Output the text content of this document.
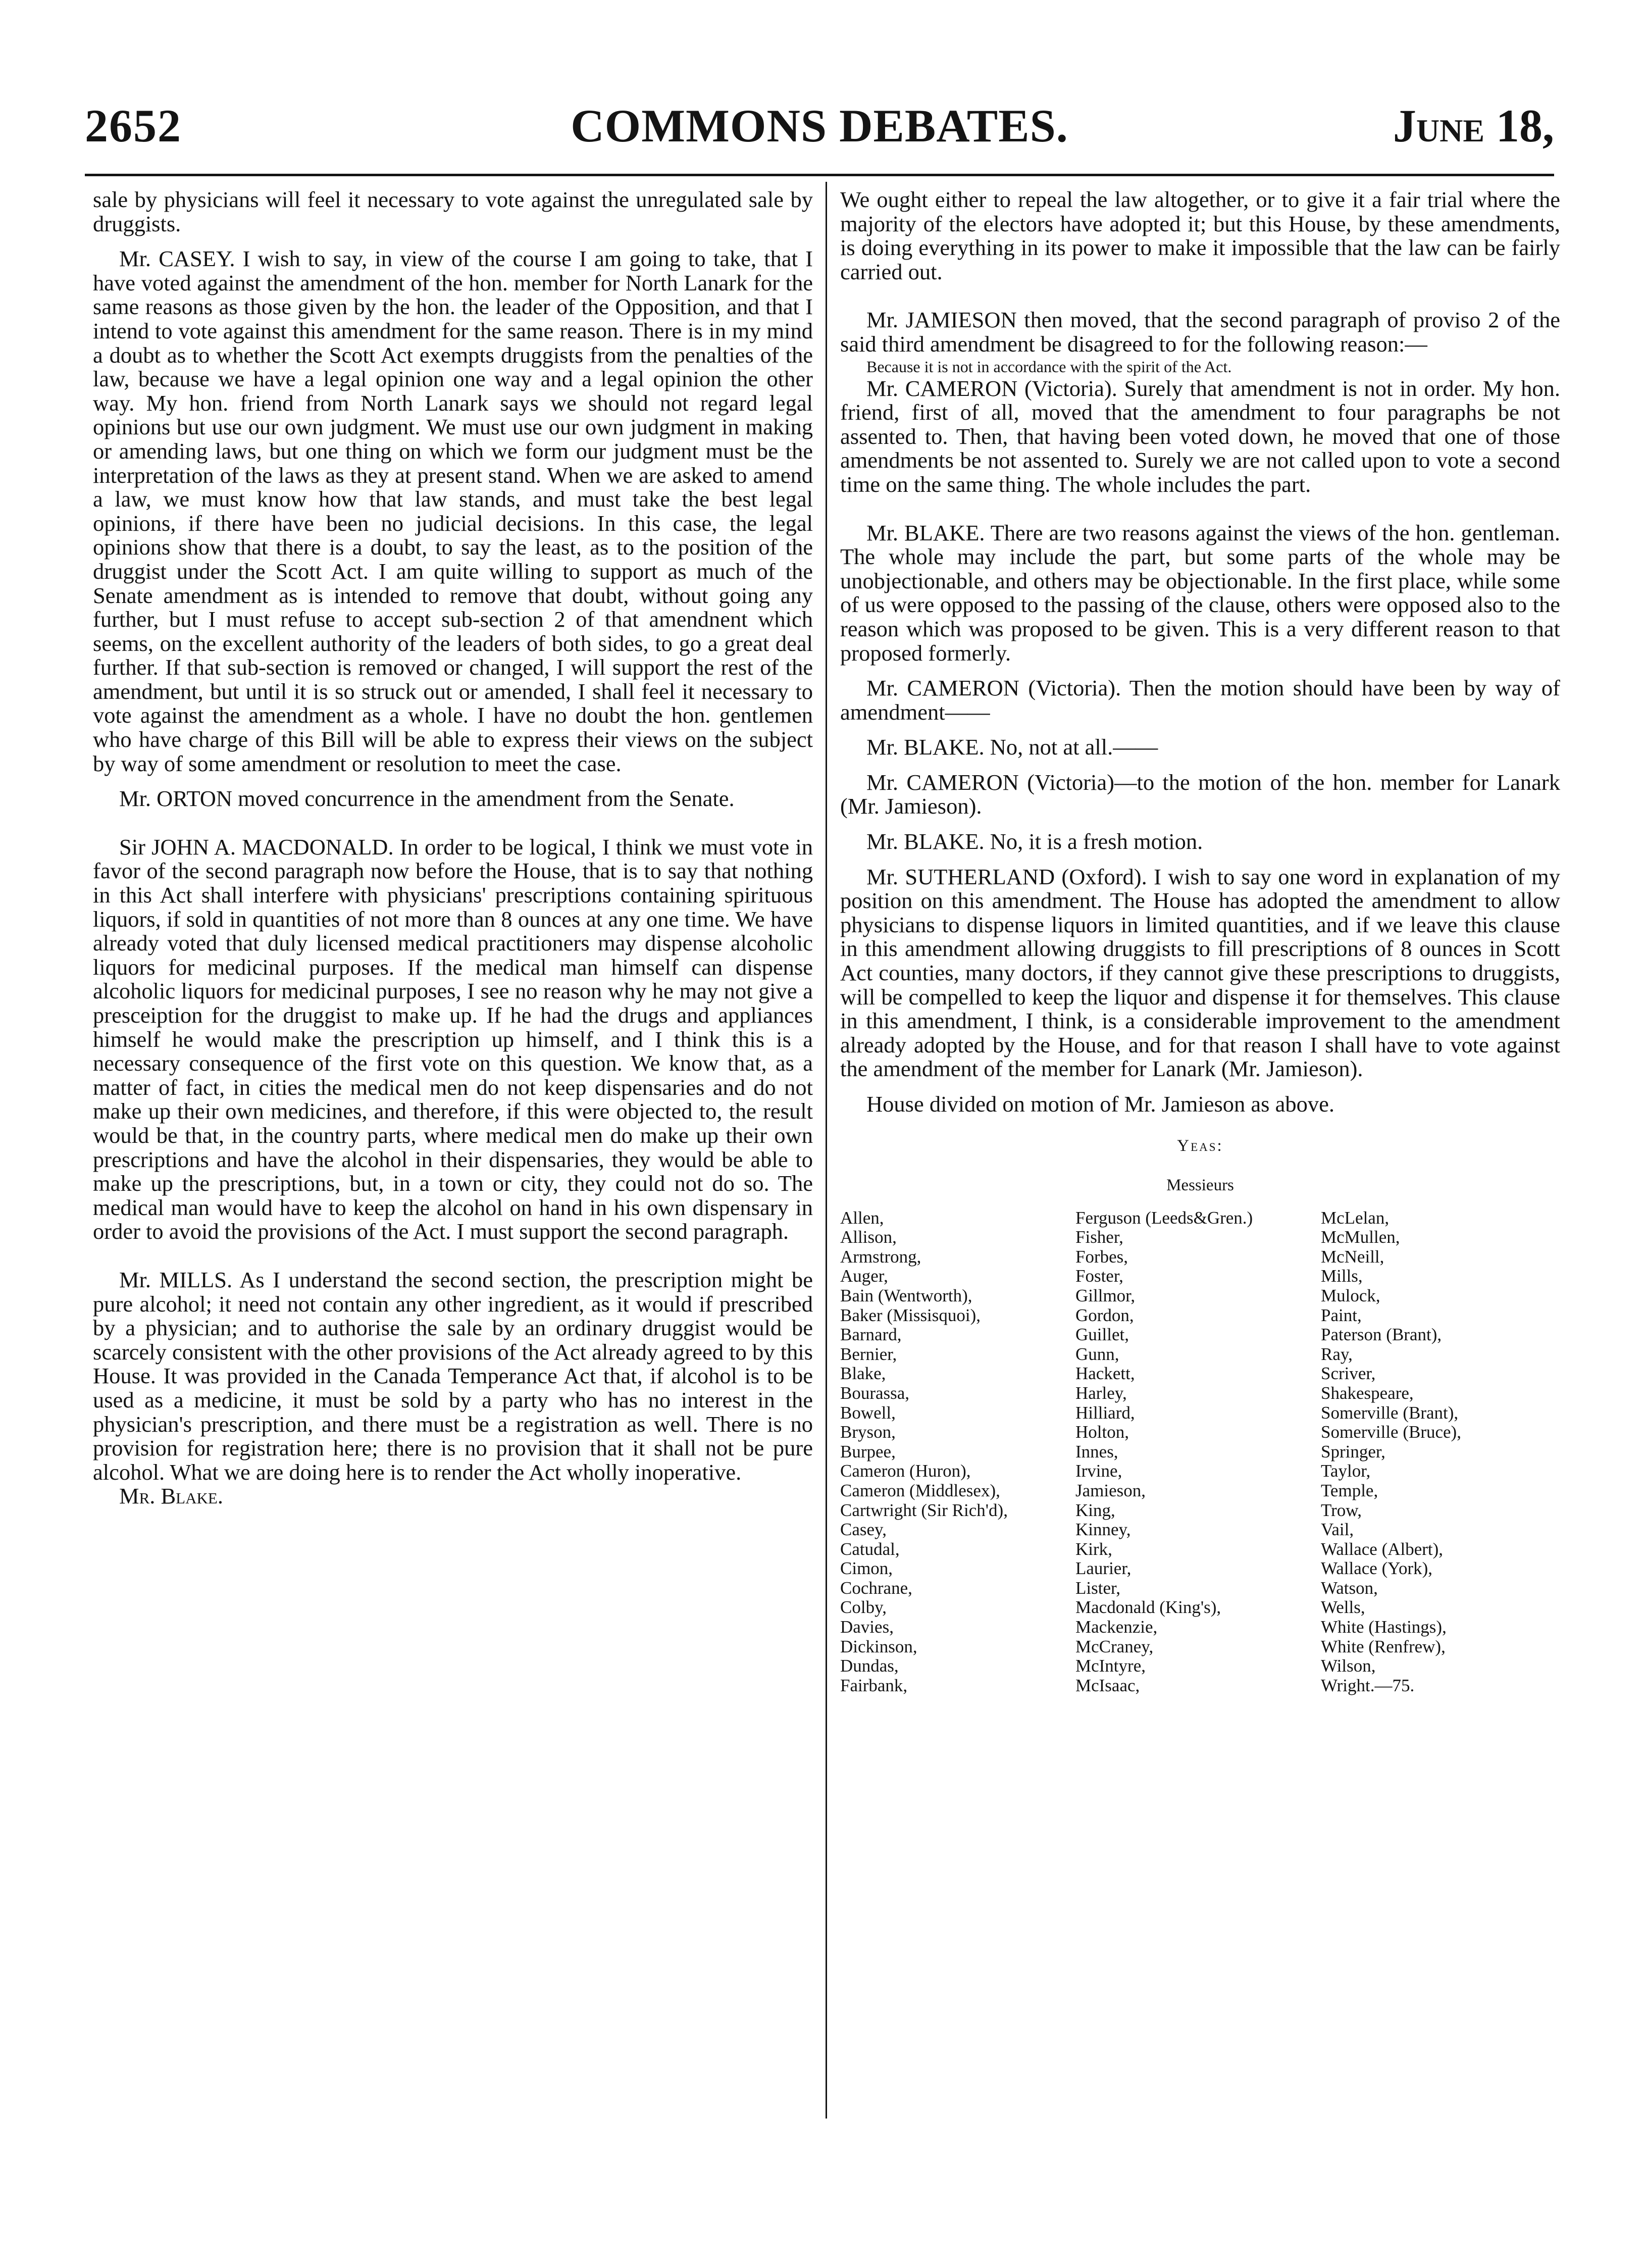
2652	COMMONS DEBATES.	June 18,

sale by physicians will feel it necessary to vote against the unregulated sale by druggists.

Mr. CASEY. I wish to say, in view of the course I am going to take, that I have voted against the amendment of the hon. member for North Lanark for the same reasons as those given by the hon. the leader of the Opposition, and that I intend to vote against this amendment for the same reason. There is in my mind a doubt as to whether the Scott Act exempts druggists from the penalties of the law, because we have a legal opinion one way and a legal opinion the other way. My hon. friend from North Lanark says we should not regard legal opinions but use our own judgment. We must use our own judgment in making or amending laws, but one thing on which we form our judgment must be the interpretation of the laws as they at present stand. When we are asked to amend a law, we must know how that law stands, and must take the best legal opinions, if there have been no judicial decisions. In this case, the legal opinions show that there is a doubt, to say the least, as to the position of the druggist under the Scott Act. I am quite willing to support as much of the Senate amendment as is intended to remove that doubt, without going any further, but I must refuse to accept sub-section 2 of that amendnent which seems, on the excellent authority of the leaders of both sides, to go a great deal further. If that sub-section is removed or changed, I will support the rest of the amendment, but until it is so struck out or amended, I shall feel it necessary to vote against the amendment as a whole. I have no doubt the hon. gentlemen who have charge of this Bill will be able to express their views on the subject by way of some amendment or resolution to meet the case.

Mr. ORTON moved concurrence in the amendment from the Senate.

Sir JOHN A. MACDONALD. In order to be logical, I think we must vote in favor of the second paragraph now before the House, that is to say that nothing in this Act shall interfere with physicians' prescriptions containing spirituous liquors, if sold in quantities of not more than 8 ounces at any one time. We have already voted that duly licensed medical practitioners may dispense alcoholic liquors for medicinal purposes. If the medical man himself can dispense alcoholic liquors for medicinal purposes, I see no reason why he may not give a presceiption for the druggist to make up. If he had the drugs and appliances himself he would make the prescription up himself, and I think this is a necessary consequence of the first vote on this question. We know that, as a matter of fact, in cities the medical men do not keep dispensaries and do not make up their own medicines, and therefore, if this were objected to, the result would be that, in the country parts, where medical men do make up their own prescriptions and have the alcohol in their dispensaries, they would be able to make up the prescriptions, but, in a town or city, they could not do so. The medical man would have to keep the alcohol on hand in his own dispensary in order to avoid the provisions of the Act. I must support the second paragraph.

Mr. MILLS. As I understand the second section, the prescription might be pure alcohol; it need not contain any other ingredient, as it would if prescribed by a physician; and to authorise the sale by an ordinary druggist would be scarcely consistent with the other provisions of the Act already agreed to by this House. It was provided in the Canada Temperance Act that, if alcohol is to be used as a medicine, it must be sold by a party who has no interest in the physician's prescription, and there must be a registration as well. There is no provision for registration here; there is no provision that it shall not be pure alcohol. What we are doing here is to render the Act wholly inoperative.

Mr. Blake.

We ought either to repeal the law altogether, or to give it a fair trial where the majority of the electors have adopted it; but this House, by these amendments, is doing everything in its power to make it impossible that the law can be fairly carried out.

Mr. JAMIESON then moved, that the second paragraph of proviso 2 of the said third amendment be disagreed to for the following reason:—

Because it is not in accordance with the spirit of the Act.

Mr. CAMERON (Victoria). Surely that amendment is not in order. My hon. friend, first of all, moved that the amendment to four paragraphs be not assented to. Then, that having been voted down, he moved that one of those amendments be not assented to. Surely we are not called upon to vote a second time on the same thing. The whole includes the part.

Mr. BLAKE. There are two reasons against the views of the hon. gentleman. The whole may include the part, but some parts of the whole may be unobjectionable, and others may be objectionable. In the first place, while some of us were opposed to the passing of the clause, others were opposed also to the reason which was proposed to be given. This is a very different reason to that proposed formerly.

Mr. CAMERON (Victoria). Then the motion should have been by way of amendment——

Mr. BLAKE. No, not at all.——

Mr. CAMERON (Victoria)—to the motion of the hon. member for Lanark (Mr. Jamieson).

Mr. BLAKE. No, it is a fresh motion.

Mr. SUTHERLAND (Oxford). I wish to say one word in explanation of my position on this amendment. The House has adopted the amendment to allow physicians to dispense liquors in limited quantities, and if we leave this clause in this amendment allowing druggists to fill prescriptions of 8 ounces in Scott Act counties, many doctors, if they cannot give these prescriptions to druggists, will be compelled to keep the liquor and dispense it for themselves. This clause in this amendment, I think, is a considerable improvement to the amendment already adopted by the House, and for that reason I shall have to vote against the amendment of the member for Lanark (Mr. Jamieson).

House divided on motion of Mr. Jamieson as above.

Yeas:
Messieurs
Allen,	Ferguson (Leeds&Gren.)	McLelan,
Allison,	Fisher,	McMullen,
Armstrong,	Forbes,	McNeill,
Auger,	Foster,	Mills,
Bain (Wentworth),	Gillmor,	Mulock,
Baker (Missisquoi),	Gordon,	Paint,
Barnard,	Guillet,	Paterson (Brant),
Bernier,	Gunn,	Ray,
Blake,	Hackett,	Scriver,
Bourassa,	Harley,	Shakespeare,
Bowell,	Hilliard,	Somerville (Brant),
Bryson,	Holton,	Somerville (Bruce),
Burpee,	Innes,	Springer,
Cameron (Huron),	Irvine,	Taylor,
Cameron (Middlesex),	Jamieson,	Temple,
Cartwright (Sir Rich'd),	King,	Trow,
Casey,	Kinney,	Vail,
Catudal,	Kirk,	Wallace (Albert),
Cimon,	Laurier,	Wallace (York),
Cochrane,	Lister,	Watson,
Colby,	Macdonald (King's),	Wells,
Davies,	Mackenzie,	White (Hastings),
Dickinson,	McCraney,	White (Renfrew),
Dundas,	McIntyre,	Wilson,
Fairbank,	McIsaac,	Wright.—75.
